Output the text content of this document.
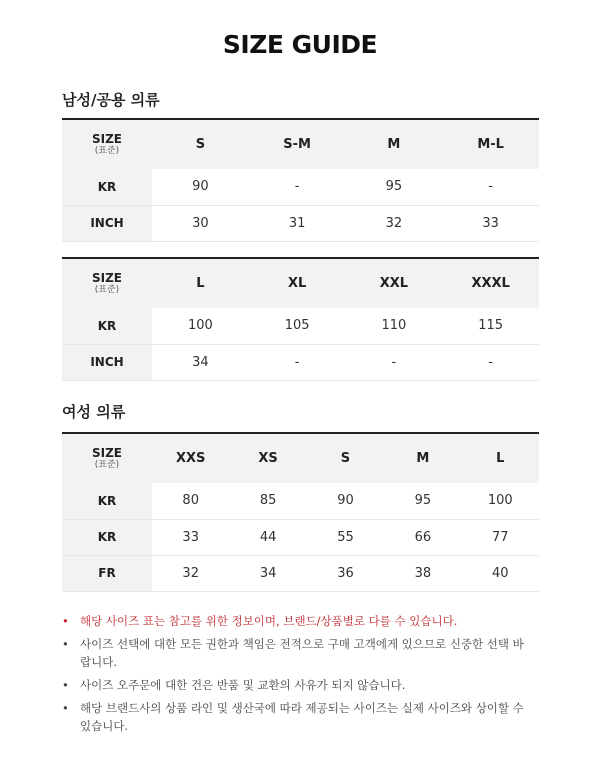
SIZE GUIDE
남성/공용 의류
SIZE
(표준)	S	S-M	M	M-L
KR	90	-	95	-
INCH	30	31	32	33
SIZE
(표준)	L	XL	XXL	XXXL
KR	100	105	110	115
INCH	34	-	-	-
여성 의류
SIZE
(표준)	XXS	XS	S	M	L
KR	80	85	90	95	100
KR	33	44	55	66	77
FR	32	34	36	38	40
• 해당 사이즈 표는 참고를 위한 정보이며, 브랜드/상품별로 다를 수 있습니다.
• 사이즈 선택에 대한 모든 권한과 책임은 전적으로 구매 고객에게 있으므로 신중한 선택 바랍니다.
• 사이즈 오주문에 대한 건은 반품 및 교환의 사유가 되지 않습니다.
• 해당 브랜드사의 상품 라인 및 생산국에 따라 제공되는 사이즈는 실제 사이즈와 상이할 수 있습니다.
